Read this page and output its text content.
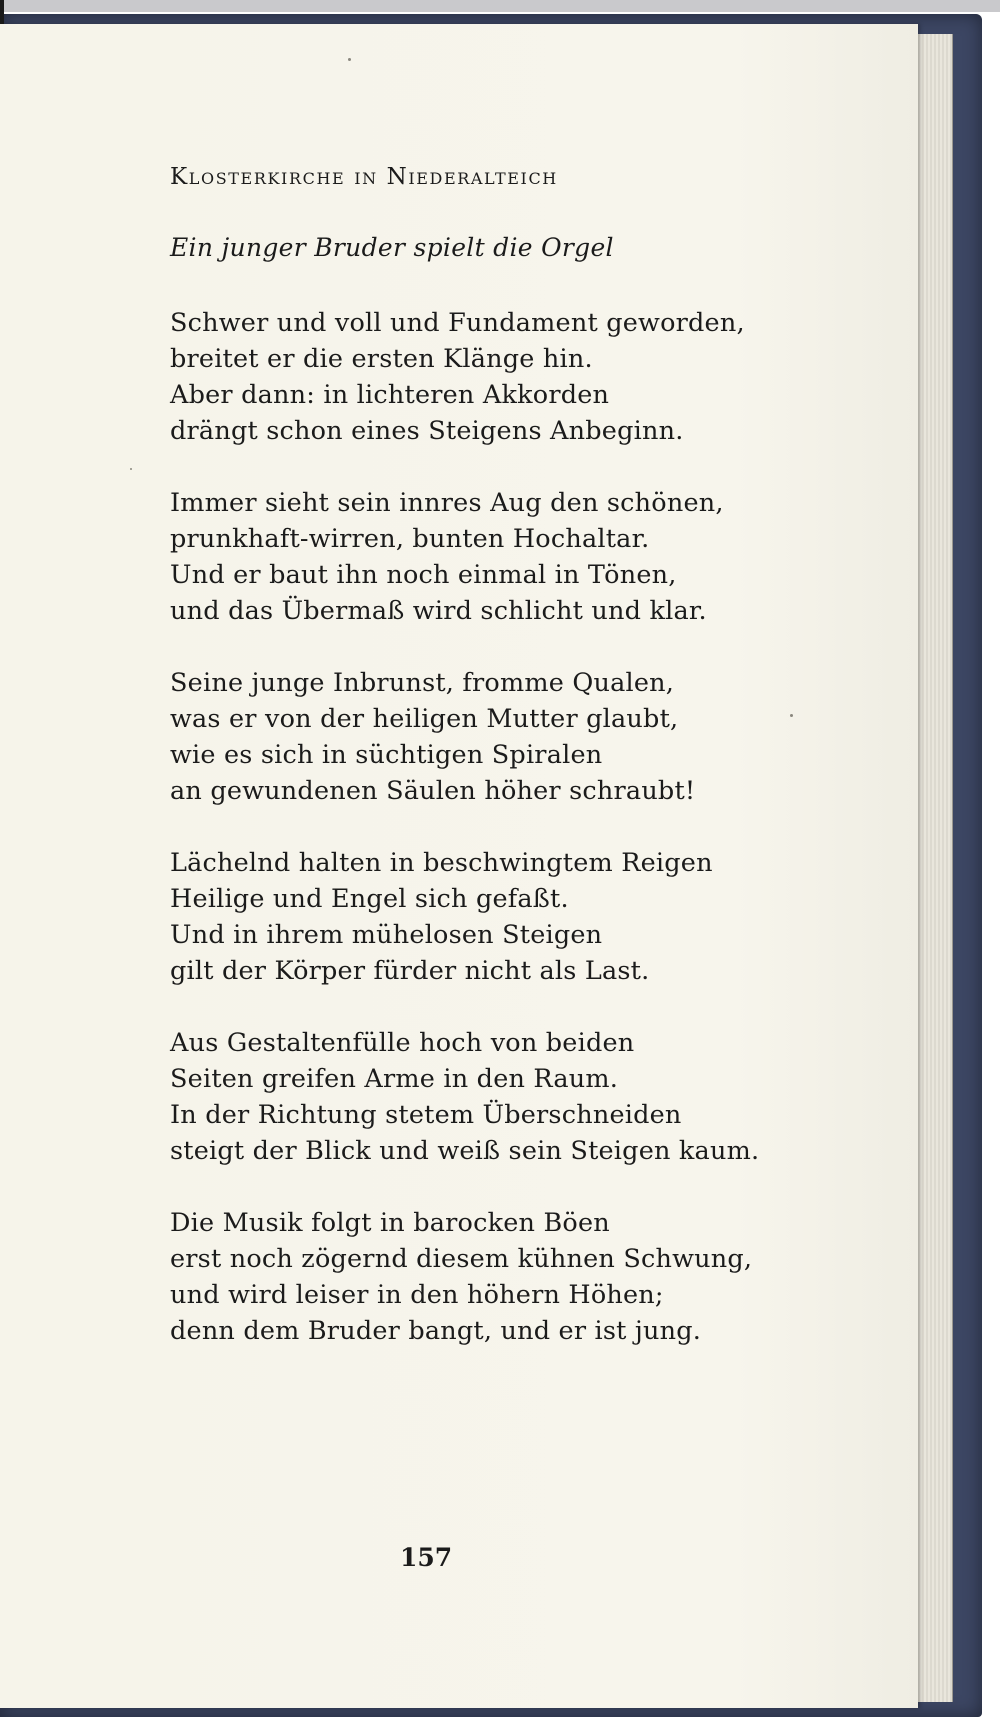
Klosterkirche in Niederalteich
Ein junger Bruder spielt die Orgel
Schwer und voll und Fundament geworden,
breitet er die ersten Klänge hin.
Aber dann: in lichteren Akkorden
drängt schon eines Steigens Anbeginn.
Immer sieht sein innres Aug den schönen,
prunkhaft-wirren, bunten Hochaltar.
Und er baut ihn noch einmal in Tönen,
und das Übermaß wird schlicht und klar.
Seine junge Inbrunst, fromme Qualen,
was er von der heiligen Mutter glaubt,
wie es sich in süchtigen Spiralen
an gewundenen Säulen höher schraubt!
Lächelnd halten in beschwingtem Reigen
Heilige und Engel sich gefaßt.
Und in ihrem mühelosen Steigen
gilt der Körper fürder nicht als Last.
Aus Gestaltenfülle hoch von beiden
Seiten greifen Arme in den Raum.
In der Richtung stetem Überschneiden
steigt der Blick und weiß sein Steigen kaum.
Die Musik folgt in barocken Böen
erst noch zögernd diesem kühnen Schwung,
und wird leiser in den höhern Höhen;
denn dem Bruder bangt, und er ist jung.
157
